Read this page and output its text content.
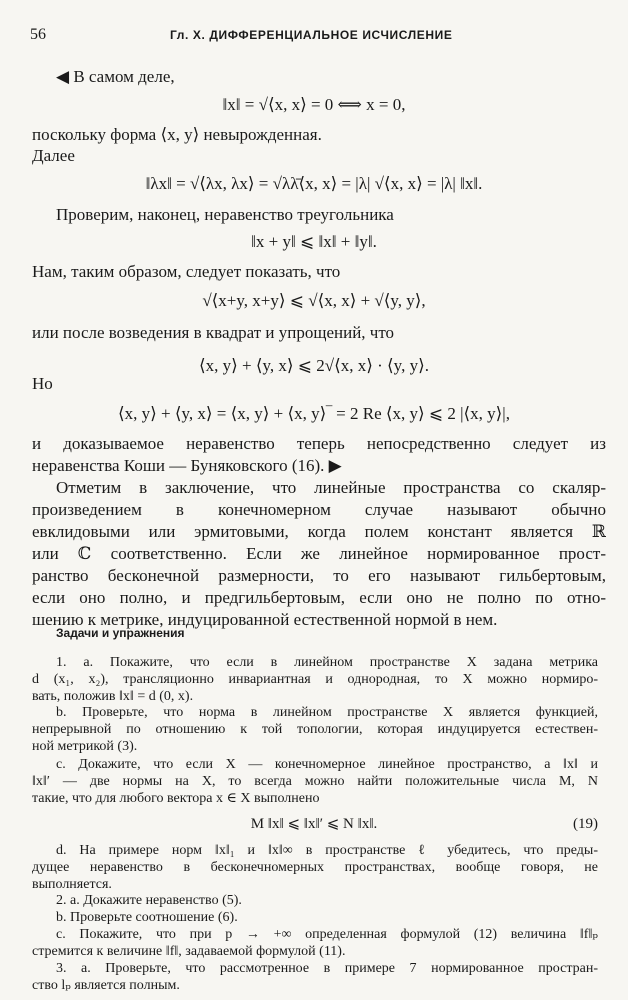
56	Гл. X. ДИФФЕРЕНЦИАЛЬНОЕ ИСЧИСЛЕНИЕ
◀ В самом деле,
‖x‖ = √⟨x, x⟩ = 0 ⟺ x = 0,
поскольку форма ⟨x, y⟩ невырожденная.
Далее
‖λx‖ = √⟨λx, λx⟩ = √λλ̄⟨x, x⟩ = |λ| √⟨x, x⟩ = |λ| ‖x‖.
Проверим, наконец, неравенство треугольника
‖x + y‖ ⩽ ‖x‖ + ‖y‖.
Нам, таким образом, следует показать, что
√⟨x+y, x+y⟩ ⩽ √⟨x, x⟩ + √⟨y, y⟩,
или после возведения в квадрат и упрощений, что
⟨x, y⟩ + ⟨y, x⟩ ⩽ 2√⟨x, x⟩ · ⟨y, y⟩.
Но
⟨x, y⟩ + ⟨y, x⟩ = ⟨x, y⟩ + ⟨x, y⟩‾ = 2 Re ⟨x, y⟩ ⩽ 2 |⟨x, y⟩|,
и доказываемое неравенство теперь непосредственно следует из
неравенства Коши — Буняковского (16). ▶
Отметим в заключение, что линейные пространства со скаляр-
произведением в конечномерном случае называют обычно
евклидовыми или эрмитовыми, когда полем констант является ℝ
или ℂ соответственно. Если же линейное нормированное прост-
ранство бесконечной размерности, то его называют гильбертовым,
если оно полно, и предгильбертовым, если оно не полно по отно-
шению к метрике, индуцированной естественной нормой в нем.
Задачи и упражнения
1. a. Покажите, что если в линейном пространстве X задана метрика
d (x₁, x₂), трансляционно инвариантная и однородная, то X можно нормиро-
вать, положив ‖x‖ = d (0, x).
b. Проверьте, что норма в линейном пространстве X является функцией,
непрерывной по отношению к той топологии, которая индуцируется естествен-
ной метрикой (3).
c. Докажите, что если X — конечномерное линейное пространство, а ‖x‖ и
‖x‖′ — две нормы на X, то всегда можно найти положительные числа M, N
такие, что для любого вектора x ∈ X выполнено
M ‖x‖ ⩽ ‖x‖′ ⩽ N ‖x‖.	(19)
d. На примере норм ‖x‖₁ и ‖x‖∞ в пространстве ℓ убедитесь, что преды-
дущее неравенство в бесконечномерных пространствах, вообще говоря, не
выполняется.
2. a. Докажите неравенство (5).
b. Проверьте соотношение (6).
c. Покажите, что при p → +∞ определенная формулой (12) величина ‖f‖ₚ
стремится к величине ‖f‖, задаваемой формулой (11).
3. a. Проверьте, что рассмотренное в примере 7 нормированное простран-
ство lₚ является полным.
